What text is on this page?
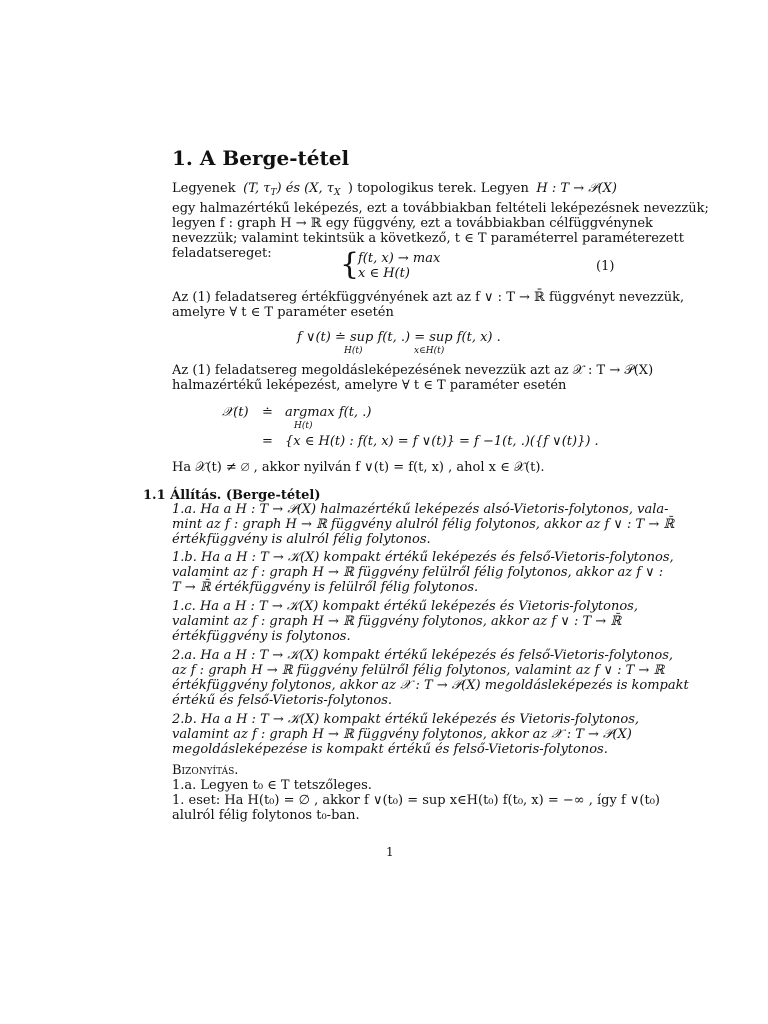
1. A Berge-tétel
Legyenek (T, $\tau_T$) és (X, $\tau_X$ ) topologikus terek. Legyen H : T → 𝒫(X)
egy halmazértékű leképezés, ezt a továbbiakban feltételi leképezésnek nevezzük;
legyen f : graph H → ℝ egy függvény, ezt a továbbiakban célfüggvénynek
nevezzük; valamint tekintsük a következő, t ∈ T paraméterrel paraméterezett
feladatsereget:	{
f(t, x) → max
x ∈ H(t)	(1)
Az (1) feladatsereg értékfüggvényének azt az f ∨ : T → ℝ̄ függvényt nevezzük,
amelyre ∀ t ∈ T paraméter esetén
f ∨(t) ≐ sup f(t, .) = sup f(t, x) .
H(t)	x∈H(t)
Az (1) feladatsereg megoldásleképezésének nevezzük azt az 𝒳 : T → 𝒫(X)
halmazértékű leképezést, amelyre ∀ t ∈ T paraméter esetén
𝒳(t) ≐ argmax f(t, .)
H(t)
= {x ∈ H(t) : f(t, x) = f ∨(t)} = f −1(t, .)({f ∨(t)}) .
Ha 𝒳(t) ≠ ∅ , akkor nyilván f ∨(t) = f(t, x) , ahol x ∈ 𝒳(t).
1.1 Állítás. (Berge-tétel)
1.a. Ha a H : T → 𝒫(X) halmazértékű leképezés alsó-Vietoris-folytonos, vala-
mint az f : graph H → ℝ függvény alulról félig folytonos, akkor az f ∨ : T → ℝ̄
értékfüggvény is alulról félig folytonos.
1.b. Ha a H : T → 𝒦(X) kompakt értékű leképezés és felső-Vietoris-folytonos,
valamint az f : graph H → ℝ függvény felülről félig folytonos, akkor az f ∨ :
T → ℝ̄ értékfüggvény is felülről félig folytonos.
1.c. Ha a H : T → 𝒦(X) kompakt értékű leképezés és Vietoris-folytonos,
valamint az f : graph H → ℝ függvény folytonos, akkor az f ∨ : T → ℝ̄
értékfüggvény is folytonos.
2.a. Ha a H : T → 𝒦(X) kompakt értékű leképezés és felső-Vietoris-folytonos,
az f : graph H → ℝ függvény felülről félig folytonos, valamint az f ∨ : T → ℝ
értékfüggvény folytonos, akkor az 𝒳 : T → 𝒫(X) megoldásleképezés is kompakt
értékű és felső-Vietoris-folytonos.
2.b. Ha a H : T → 𝒦(X) kompakt értékű leképezés és Vietoris-folytonos,
valamint az f : graph H → ℝ függvény folytonos, akkor az 𝒳 : T → 𝒫(X)
megoldásleképezése is kompakt értékű és felső-Vietoris-folytonos.
Bizonyítás.
1.a. Legyen t₀ ∈ T tetszőleges.
1. eset: Ha H(t₀) = ∅ , akkor f ∨(t₀) = sup x∈H(t₀) f(t₀, x) = −∞ , így f ∨(t₀)
alulról félig folytonos t₀-ban.
1
